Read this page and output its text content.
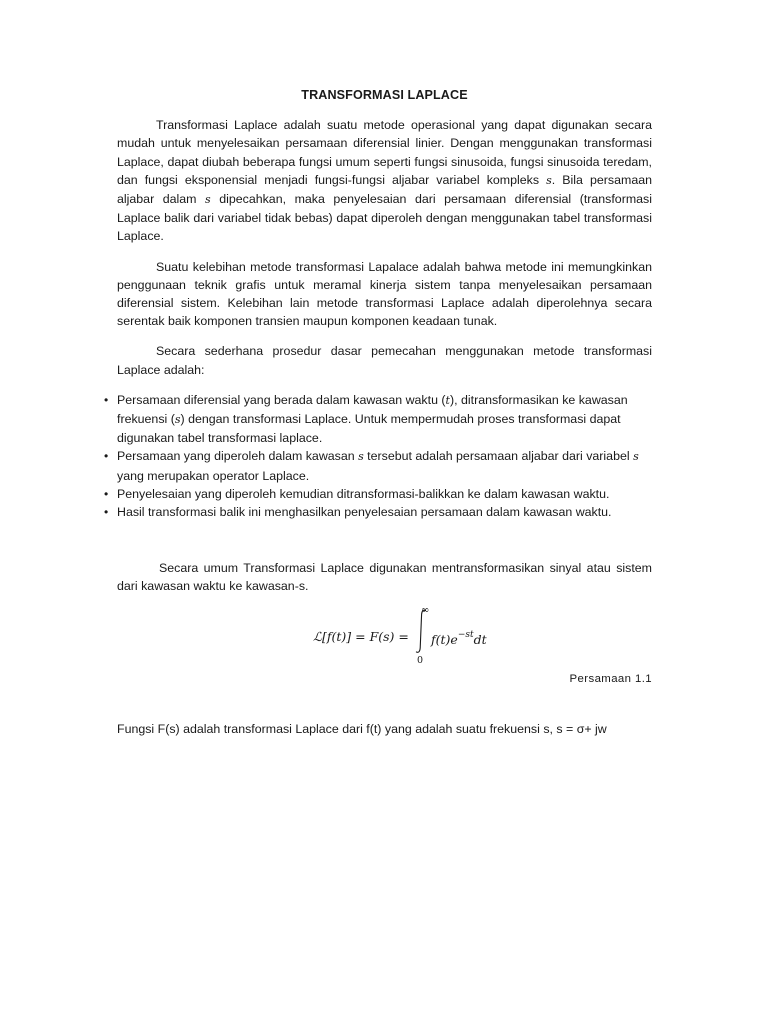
TRANSFORMASI LAPLACE

Transformasi Laplace adalah suatu metode operasional yang dapat digunakan secara mudah untuk menyelesaikan persamaan diferensial linier. Dengan menggunakan transformasi Laplace, dapat diubah beberapa fungsi umum seperti fungsi sinusoida, fungsi sinusoida teredam, dan fungsi eksponensial menjadi fungsi-fungsi aljabar variabel kompleks s. Bila persamaan aljabar dalam s dipecahkan, maka penyelesaian dari persamaan diferensial (transformasi Laplace balik dari variabel tidak bebas) dapat diperoleh dengan menggunakan tabel transformasi Laplace.

Suatu kelebihan metode transformasi Lapalace adalah bahwa metode ini memungkinkan penggunaan teknik grafis untuk meramal kinerja sistem tanpa menyelesaikan persamaan diferensial sistem. Kelebihan lain metode transformasi Laplace adalah diperolehnya secara serentak baik komponen transien maupun komponen keadaan tunak.

Secara sederhana prosedur dasar pemecahan menggunakan metode transformasi Laplace adalah:

• Persamaan diferensial yang berada dalam kawasan waktu (t), ditransformasikan ke kawasan frekuensi (s) dengan transformasi Laplace. Untuk mempermudah proses transformasi dapat digunakan tabel transformasi laplace.
• Persamaan yang diperoleh dalam kawasan s tersebut adalah persamaan aljabar dari variabel s yang merupakan operator Laplace.
• Penyelesaian yang diperoleh kemudian ditransformasi-balikkan ke dalam kawasan waktu.
• Hasil transformasi balik ini menghasilkan penyelesaian persamaan dalam kawasan waktu.

Secara umum Transformasi Laplace digunakan mentransformasikan sinyal atau sistem dari kawasan waktu ke kawasan-s.

ℒ[f(t)] = F(s) =
∞
0
$f(t)e^{-st}dt$
Persamaan 1.1

Fungsi F(s) adalah transformasi Laplace dari f(t) yang adalah suatu frekuensi s, s = σ+ jw
